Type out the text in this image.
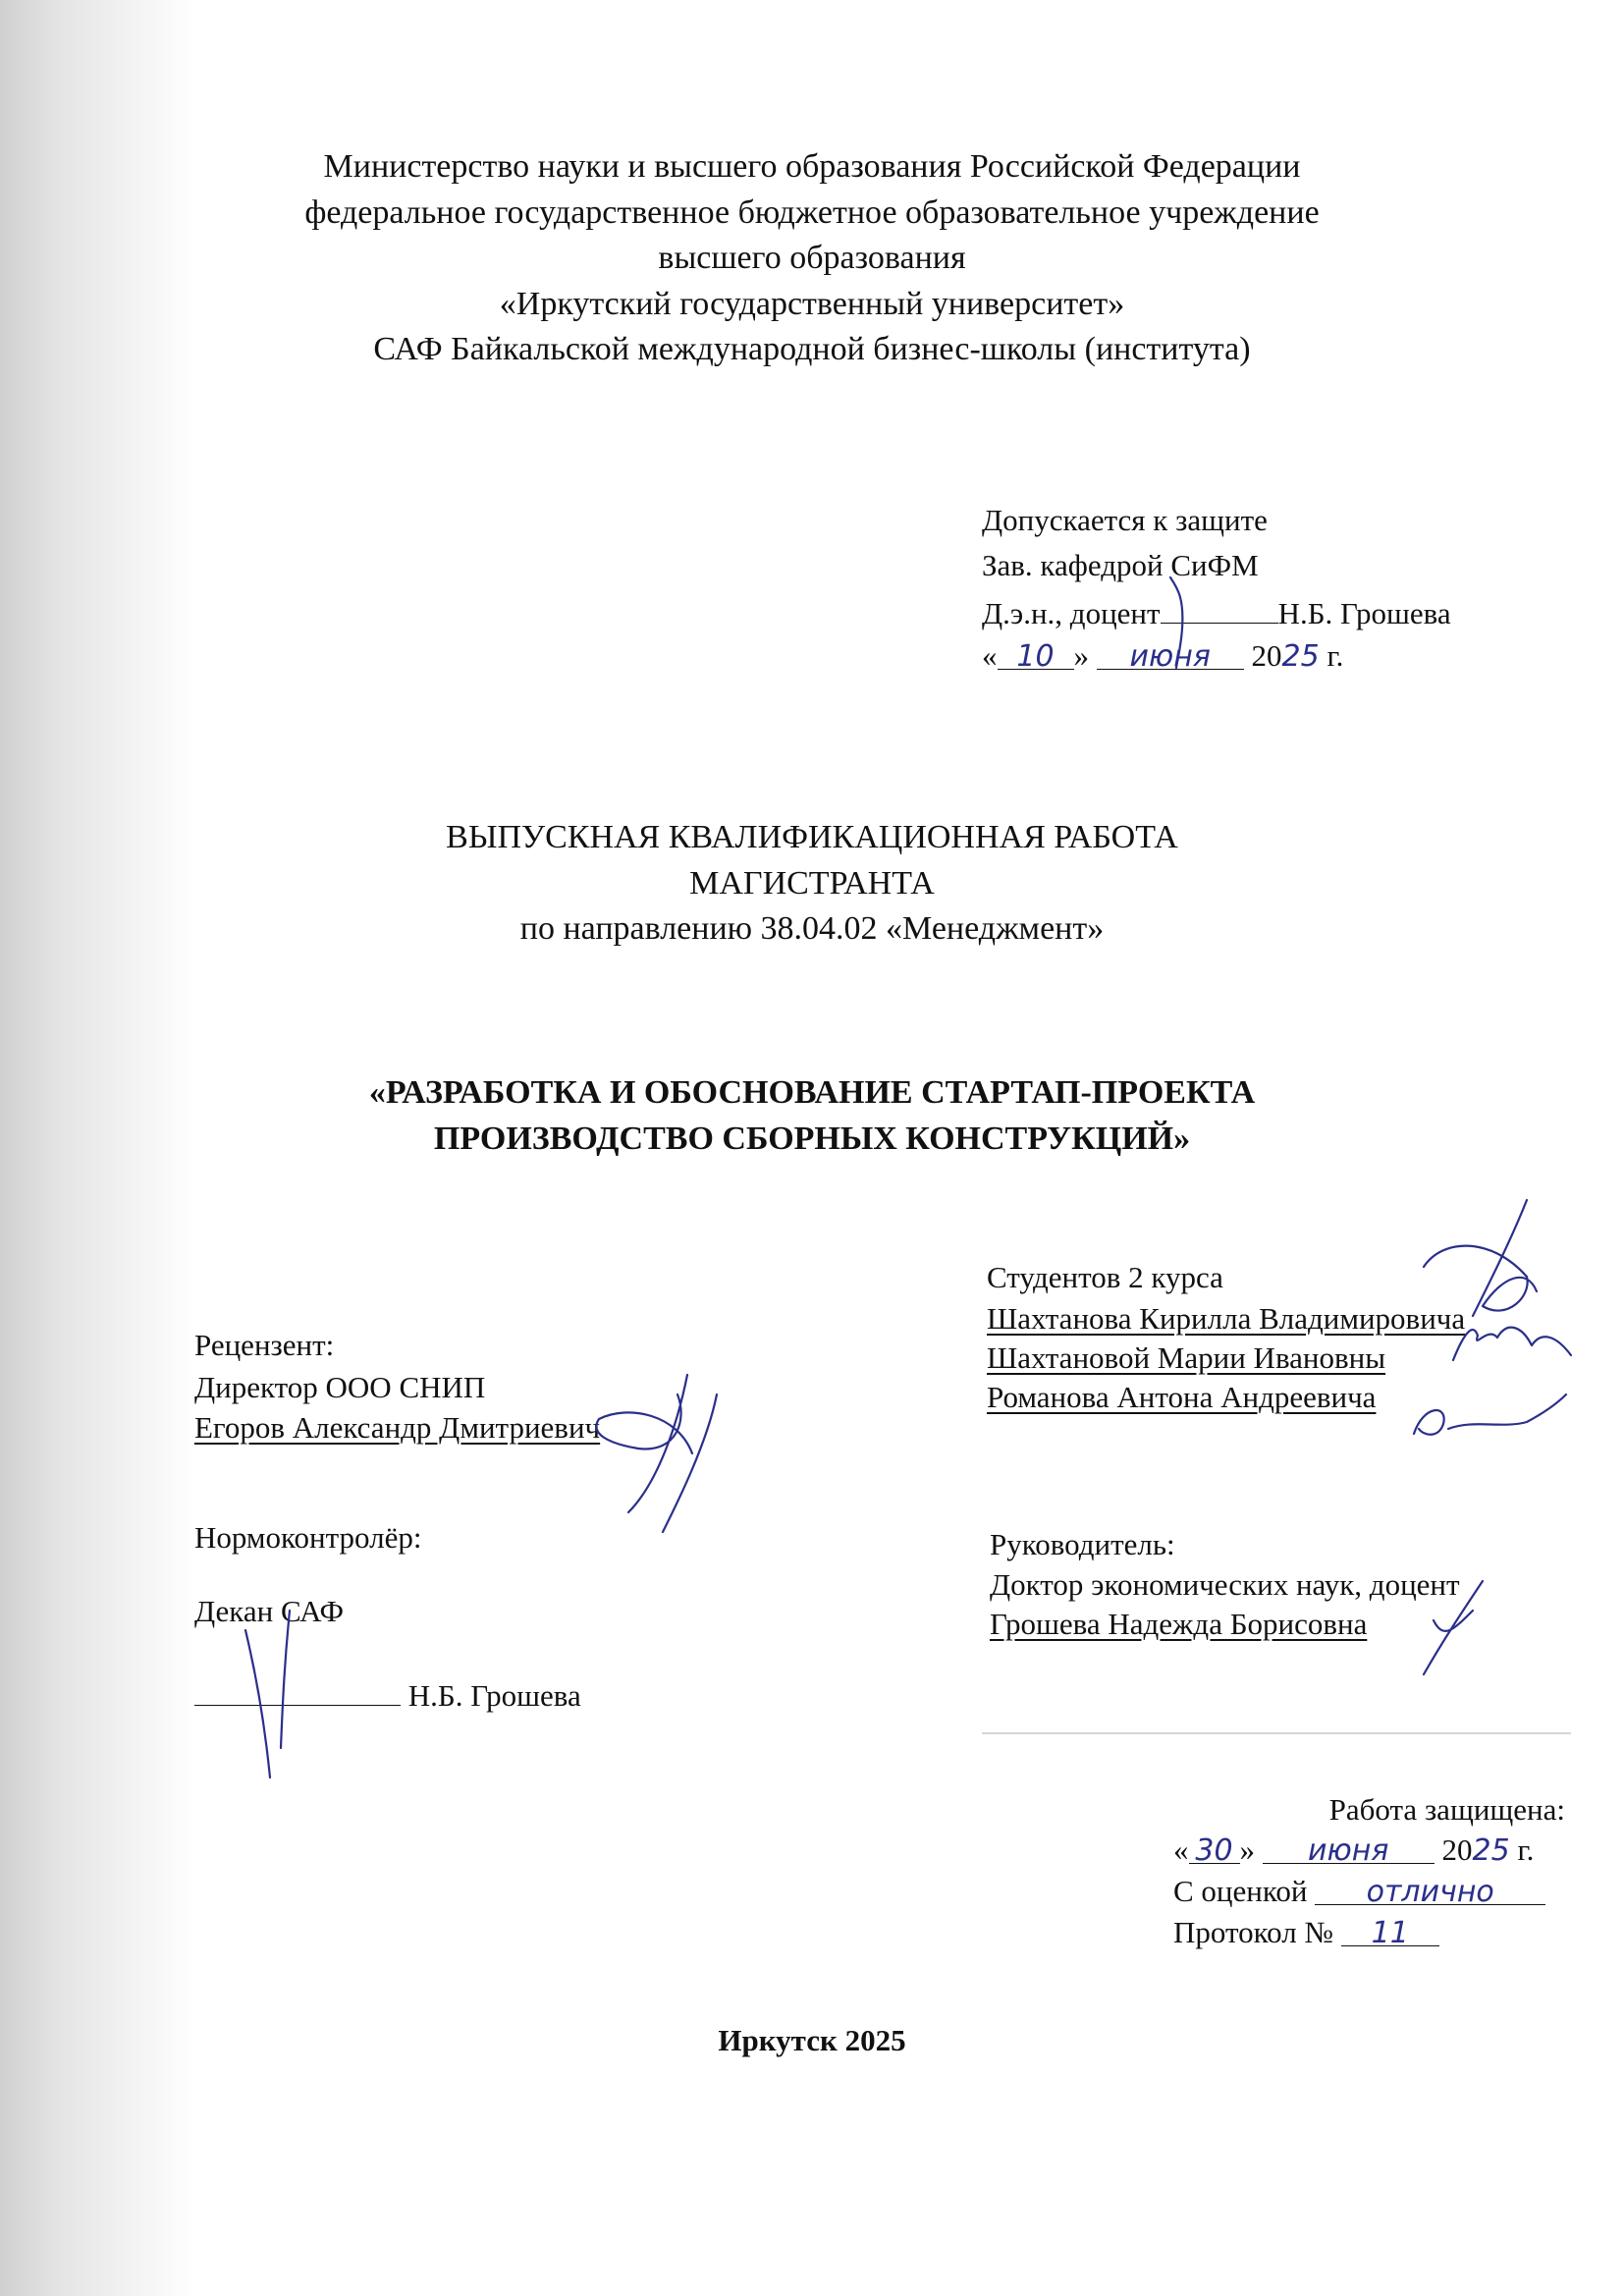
Министерство науки и высшего образования Российской Федерации
федеральное государственное бюджетное образовательное учреждение
высшего образования
«Иркутский государственный университет»
САФ Байкальской международной бизнес-школы (института)
Допускается к защите
Зав. кафедрой СиФМ
Д.э.н., доцент	Н.Б. Грошева
« 10 » июня 2025 г.
ВЫПУСКНАЯ КВАЛИФИКАЦИОННАЯ РАБОТА
МАГИСТРАНТА
по направлению 38.04.02 «Менеджмент»
«РАЗРАБОТКА И ОБОСНОВАНИЕ СТАРТАП-ПРОЕКТА
ПРОИЗВОДСТВО СБОРНЫХ КОНСТРУКЦИЙ»
Студентов 2 курса
Шахтанова Кирилла Владимировича
Шахтановой Марии Ивановны
Романова Антона Андреевича
Рецензент:
Директор ООО СНИП
Егоров Александр Дмитриевич
Нормоконтролёр:
Декан САФ
Н.Б. Грошева
Руководитель:
Доктор экономических наук, доцент
Грошева Надежда Борисовна
Работа защищена:
« 30 » июня 2025 г.
С оценкой отлично
Протокол № 11
Иркутск 2025
